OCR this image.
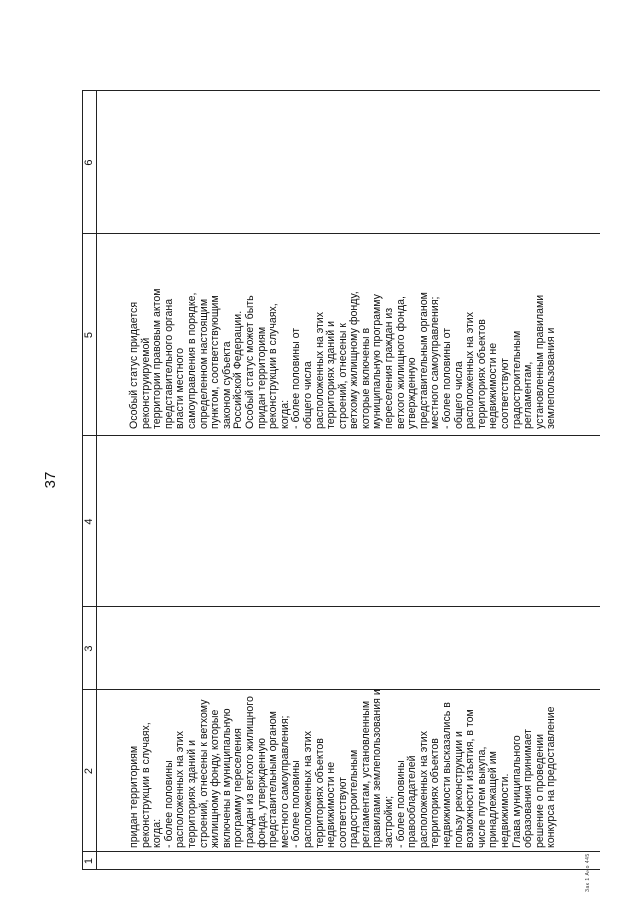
37
1
2
3
4
5
6
придан территориям реконструкции в случаях, когда: - более половины расположенных на этих территориях зданий и строений, отнесены к ветхому жилищному фонду, которые включены в муниципальную программу переселения граждан из ветхого жилищного фонда, утвержденную представительным органом местного самоуправления; - более половины расположенных на этих территориях объектов недвижимости не соответствуют градостроительным регламентам, установленным правилами землепользования и застройки; - более половины правообладателей расположенных на этих территориях объектов недвижимости высказались в пользу реконструкции и возможности изъятия, в том числе путем выкупа, принадлежащей им недвижимости. Глава муниципального образования принимает решение о проведении конкурса на предоставление
Особый статус придается реконструируемой территории правовым актом представительного органа власти местного самоуправления в порядке, определенном настоящим пунктом, соответствующим законом субъекта Российской Федерации. Особый статус может быть придан территориям реконструкции в случаях, когда: - более половины от общего числа расположенных на этих территориях зданий и строений, отнесены к ветхому жилищному фонду, которые включены в муниципальную программу переселения граждан из ветхого жилищного фонда, утвержденную представительным органом местного самоуправления; - более половины от общего числа расположенных на этих территориях объектов недвижимости не соответствуют градостроительным регламентам, установленным правилами землепользования и
Зак 1 Ано 445
